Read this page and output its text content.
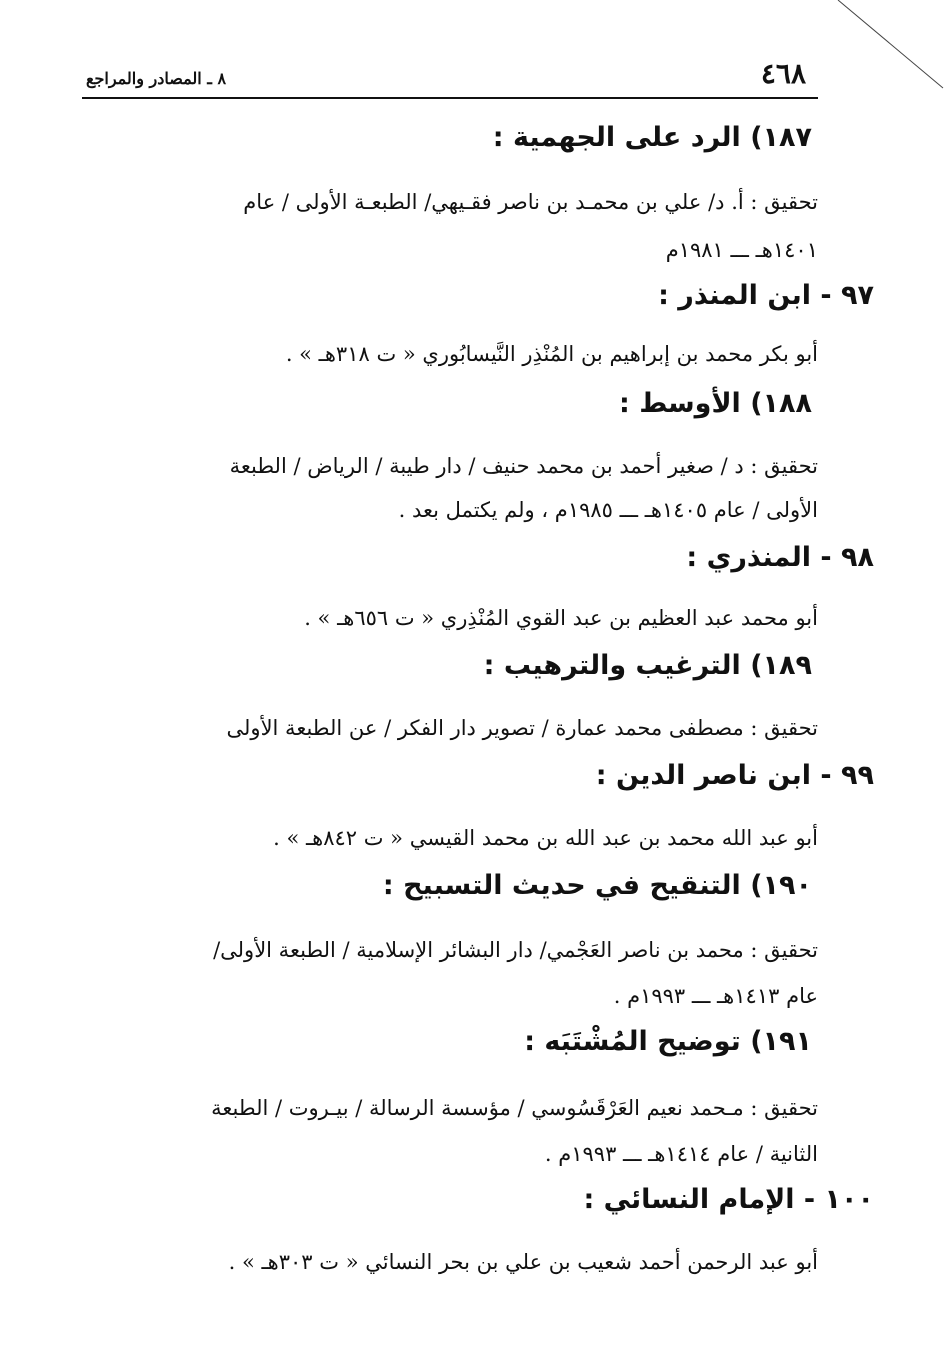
٤٦٨
٨ ـ المصادر والمراجع
١٨٧) الرد على الجهمية :
تحقيق : أ. د/ علي بن محمـد بن ناصر فقـيهي/ الطبعـة الأولى / عام
١٤٠١هـ ـــ ١٩٨١م
٩٧ - ابن المنذر :
أبو بكر محمد بن إبراهيم بن المُنْذِر النَّيسابُوري « ت ٣١٨هـ » .
١٨٨) الأوسط :
تحقيق : د / صغير أحمد بن محمد حنيف / دار طيبة / الرياض / الطبعة
الأولى / عام ١٤٠٥هـ ـــ ١٩٨٥م ، ولم يكتمل بعد .
٩٨ - المنذري :
أبو محمد عبد العظيم بن عبد القوي المُنْذِري « ت ٦٥٦هـ » .
١٨٩) الترغيب والترهيب :
تحقيق : مصطفى محمد عمارة / تصوير دار الفكر / عن الطبعة الأولى
٩٩ - ابن ناصر الدين :
أبو عبد الله محمد بن عبد الله بن محمد القيسي « ت ٨٤٢هـ » .
١٩٠) التنقيح في حديث التسبيح :
تحقيق : محمد بن ناصر العَجْمي/ دار البشائر الإسلامية / الطبعة الأولى/
عام ١٤١٣هـ ـــ ١٩٩٣م .
١٩١) توضيح المُشْتَبَه :
تحقيق : مـحمد نعيم العَرْقَسُوسي / مؤسسة الرسالة / بيـروت / الطبعة
الثانية / عام ١٤١٤هـ ـــ ١٩٩٣م .
١٠٠ - الإمام النسائي :
أبو عبد الرحمن أحمد شعيب بن علي بن بحر النسائي « ت ٣٠٣هـ » .
